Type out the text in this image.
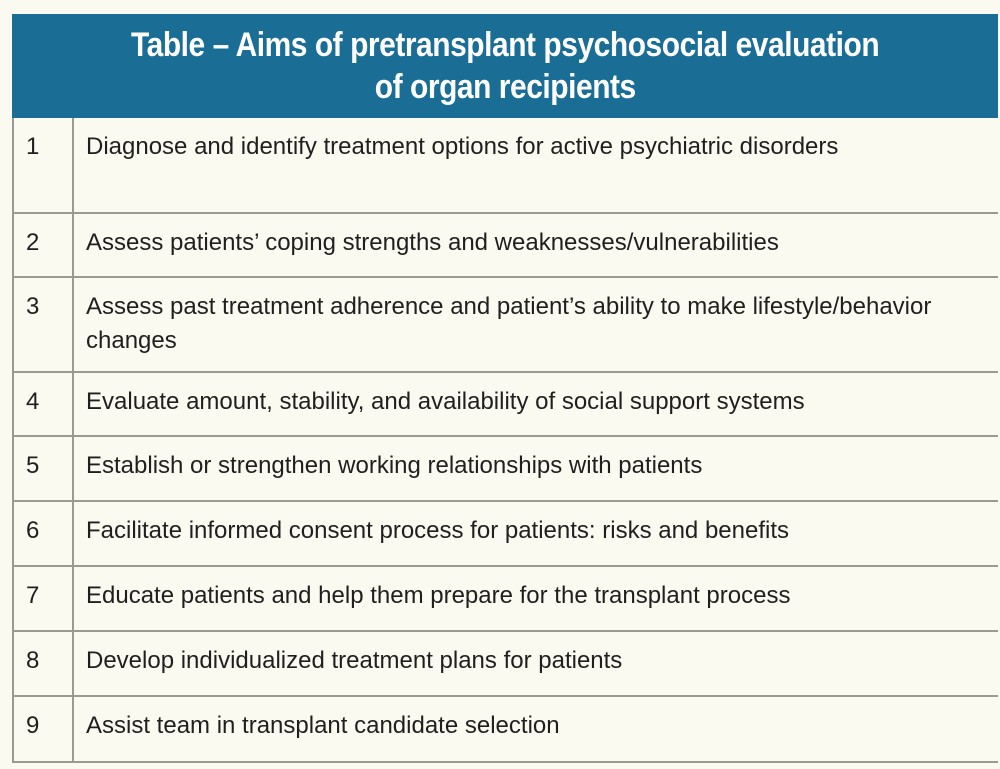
Table – Aims of pretransplant psychosocial evaluation
of organ recipients
1	Diagnose and identify treatment options for active psychiatric disorders
2	Assess patients’ coping strengths and weaknesses/vulnerabilities
3	Assess past treatment adherence and patient’s ability to make lifestyle/behavior changes
4	Evaluate amount, stability, and availability of social support systems
5	Establish or strengthen working relationships with patients
6	Facilitate informed consent process for patients: risks and benefits
7	Educate patients and help them prepare for the transplant process
8	Develop individualized treatment plans for patients
9	Assist team in transplant candidate selection
